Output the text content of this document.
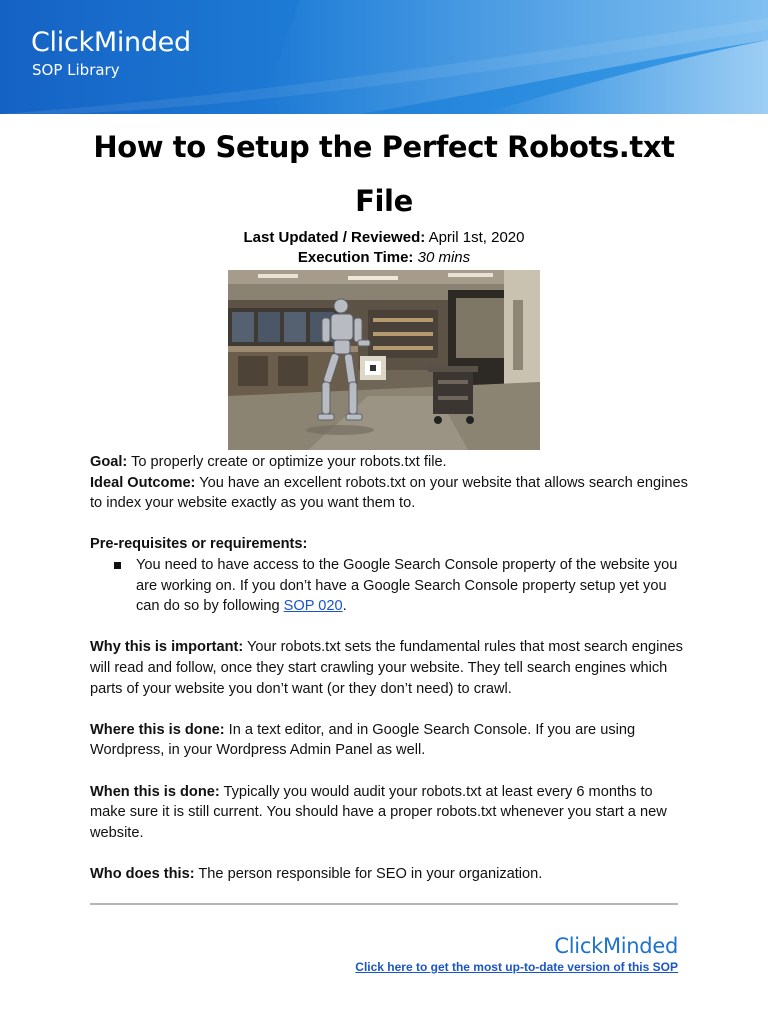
ClickMinded
SOP Library
How to Setup the Perfect Robots.txt
File
Last Updated / Reviewed: April 1st, 2020
Execution Time: 30 mins

Goal: To properly create or optimize your robots.txt file.

Ideal Outcome: You have an excellent robots.txt on your website that allows search engines to index your website exactly as you want them to.

Pre-requisites or requirements:

You need to have access to the Google Search Console property of the website you are working on. If you don’t have a Google Search Console property setup yet you can do so by following SOP 020.

Why this is important: Your robots.txt sets the fundamental rules that most search engines will read and follow, once they start crawling your website. They tell search engines which parts of your website you don’t want (or they don’t need) to crawl.

Where this is done: In a text editor, and in Google Search Console. If you are using Wordpress, in your Wordpress Admin Panel as well.

When this is done: Typically you would audit your robots.txt at least every 6 months to make sure it is still current. You should have a proper robots.txt whenever you start a new website.

Who does this: The person responsible for SEO in your organization.

ClickMinded
Click here to get the most up-to-date version of this SOP
